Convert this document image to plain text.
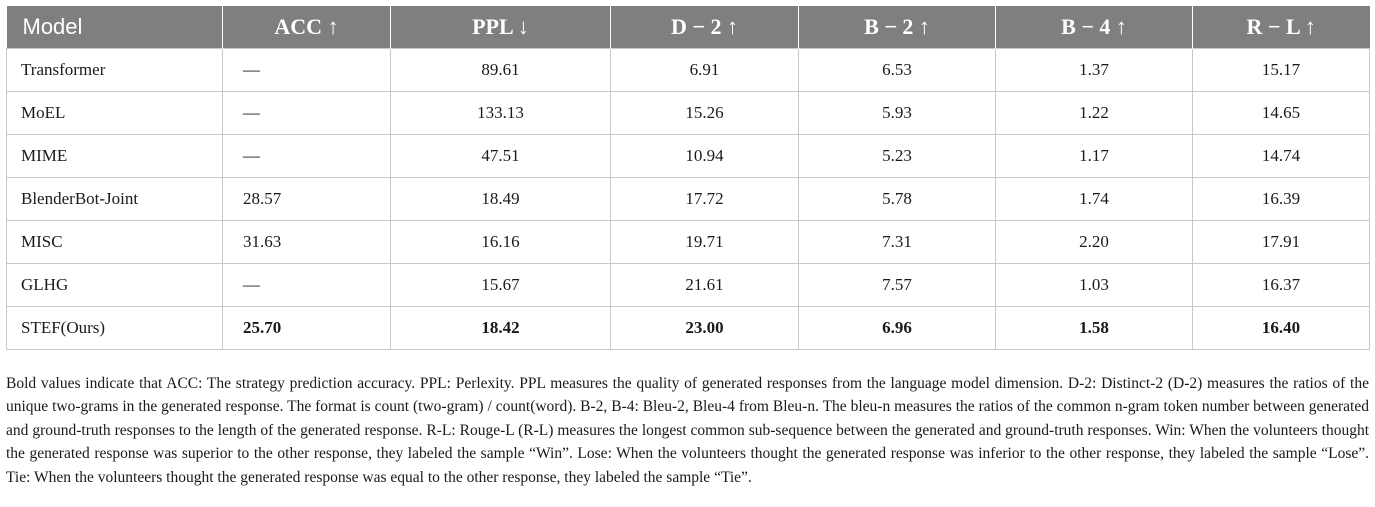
Model	ACC ↑	PPL ↓	D − 2 ↑	B − 2 ↑	B − 4 ↑	R − L ↑
Transformer	—	89.61	6.91	6.53	1.37	15.17
MoEL	—	133.13	15.26	5.93	1.22	14.65
MIME	—	47.51	10.94	5.23	1.17	14.74
BlenderBot-Joint	28.57	18.49	17.72	5.78	1.74	16.39
MISC	31.63	16.16	19.71	7.31	2.20	17.91
GLHG	—	15.67	21.61	7.57	1.03	16.37
STEF(Ours)	25.70	18.42	23.00	6.96	1.58	16.40

Bold values indicate that ACC: The strategy prediction accuracy. PPL: Perlexity. PPL measures the quality of generated responses from the language model dimension. D-2: Distinct-2 (D-2) measures the ratios of the unique two-grams in the generated response. The format is count (two-gram) / count(word). B-2, B-4: Bleu-2, Bleu-4 from Bleu-n. The bleu-n measures the ratios of the common n-gram token number between generated and ground-truth responses to the length of the generated response. R-L: Rouge-L (R-L) measures the longest common sub-sequence between the generated and ground-truth responses. Win: When the volunteers thought the generated response was superior to the other response, they labeled the sample “Win”. Lose: When the volunteers thought the generated response was inferior to the other response, they labeled the sample “Lose”. Tie: When the volunteers thought the generated response was equal to the other response, they labeled the sample “Tie”.
